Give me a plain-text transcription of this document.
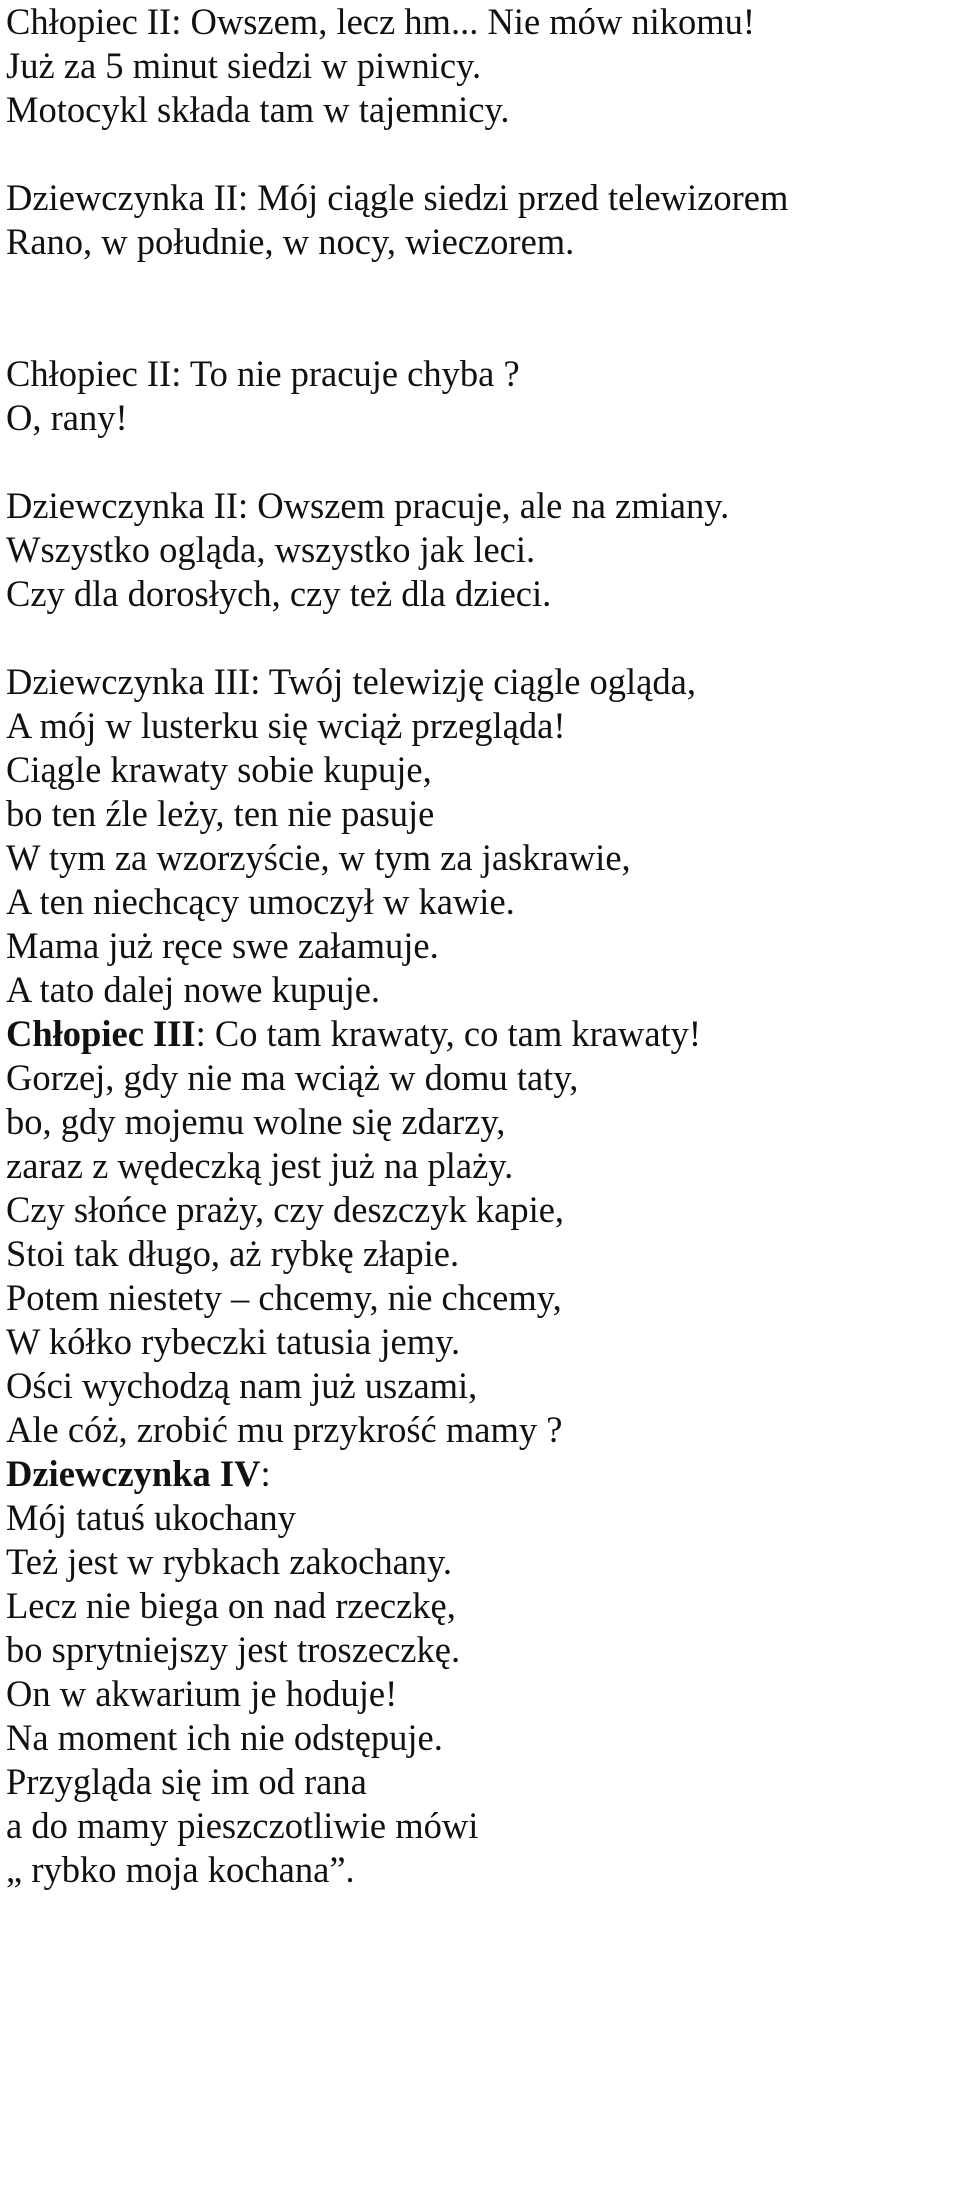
Chłopiec II: Owszem, lecz hm... Nie mów nikomu!
Już za 5 minut siedzi w piwnicy.
Motocykl składa tam w tajemnicy.
Dziewczynka II: Mój ciągle siedzi przed telewizorem
Rano, w południe, w nocy, wieczorem.
Chłopiec II: To nie pracuje chyba ?
O, rany!
Dziewczynka II: Owszem pracuje, ale na zmiany.
Wszystko ogląda, wszystko jak leci.
Czy dla dorosłych, czy też dla dzieci.
Dziewczynka III: Twój telewizję ciągle ogląda,
A mój w lusterku się wciąż przegląda!
Ciągle krawaty sobie kupuje,
bo ten źle leży, ten nie pasuje
W tym za wzorzyście, w tym za jaskrawie,
A ten niechcący umoczył w kawie.
Mama już ręce swe załamuje.
A tato dalej nowe kupuje.
Chłopiec III: Co tam krawaty, co tam krawaty!
Gorzej, gdy nie ma wciąż w domu taty,
bo, gdy mojemu wolne się zdarzy,
zaraz z wędeczką jest już na plaży.
Czy słońce praży, czy deszczyk kapie,
Stoi tak długo, aż rybkę złapie.
Potem niestety – chcemy, nie chcemy,
W kółko rybeczki tatusia jemy.
Ości wychodzą nam już uszami,
Ale cóż, zrobić mu przykrość mamy ?
Dziewczynka IV:
Mój tatuś ukochany
Też jest w rybkach zakochany.
Lecz nie biega on nad rzeczkę,
bo sprytniejszy jest troszeczkę.
On w akwarium je hoduje!
Na moment ich nie odstępuje.
Przygląda się im od rana
a do mamy pieszczotliwie mówi
„ rybko moja kochana”.
